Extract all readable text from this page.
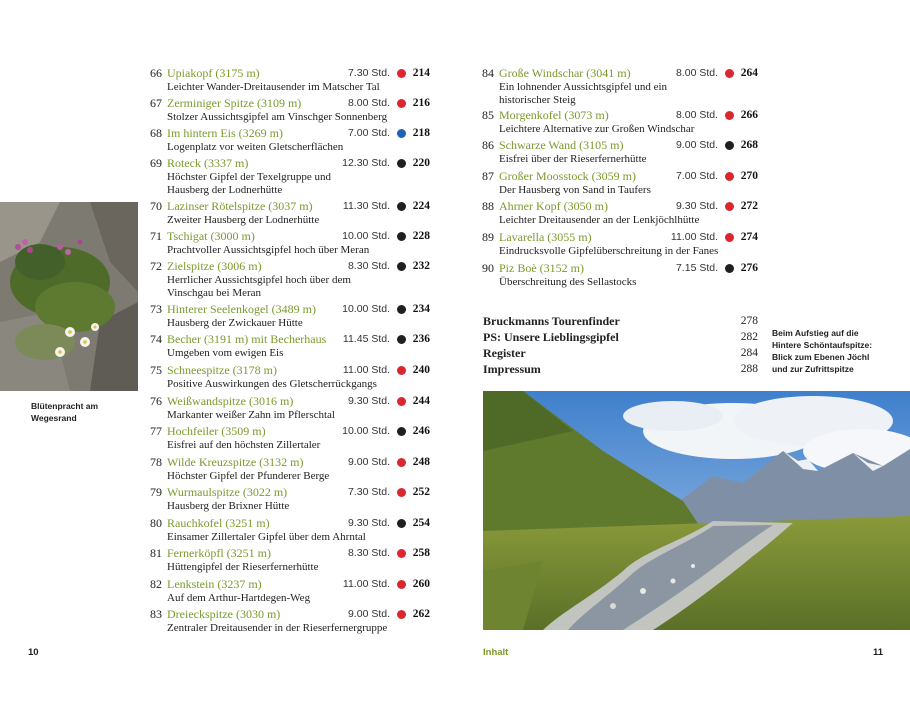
Blütenpracht am Wegesrand
66 Upiakopf (3175 m)	7.30 Std. 214
Leichter Wander-Dreitausender im Matscher Tal
67 Zerminiger Spitze (3109 m)	8.00 Std. 216
Stolzer Aussichtsgipfel am Vinschger Sonnenberg
68 Im hintern Eis (3269 m)	7.00 Std. 218
Logenplatz vor weiten Gletscherflächen
69 Roteck (3337 m)	12.30 Std. 220
Höchster Gipfel der Texelgruppe und Hausberg der Lodnerhütte
70 Lazinser Rötelspitze (3037 m)	11.30 Std. 224
Zweiter Hausberg der Lodnerhütte
71 Tschigat (3000 m)	10.00 Std. 228
Prachtvoller Aussichtsgipfel hoch über Meran
72 Zielspitze (3006 m)	8.30 Std. 232
Herrlicher Aussichtsgipfel hoch über dem Vinschgau bei Meran
73 Hinterer Seelenkogel (3489 m) 10.00 Std. 234
Hausberg der Zwickauer Hütte
74 Becher (3191 m) mit Becherhaus 11.45 Std. 236
Umgeben vom ewigen Eis
75 Schneespitze (3178 m)	11.00 Std. 240
Positive Auswirkungen des Gletscherrückgangs
76 Weißwandspitze (3016 m)	9.30 Std. 244
Markanter weißer Zahn im Pflerschtal
77 Hochfeiler (3509 m)	10.00 Std. 246
Eisfrei auf den höchsten Zillertaler
78 Wilde Kreuzspitze (3132 m)	9.00 Std. 248
Höchster Gipfel der Pfunderer Berge
79 Wurmaulspitze (3022 m)	7.30 Std. 252
Hausberg der Brixner Hütte
80 Rauchkofel (3251 m)	9.30 Std. 254
Einsamer Zillertaler Gipfel über dem Ahrntal
81 Fernerköpfl (3251 m)	8.30 Std. 258
Hüttengipfel der Rieserfernerhütte
82 Lenkstein (3237 m)	11.00 Std. 260
Auf dem Arthur-Hartdegen-Weg
83 Dreieckspitze (3030 m)	9.00 Std. 262
Zentraler Dreitausender in der Rieserfernergruppe
84 Große Windschar (3041 m)	8.00 Std. 264
Ein lohnender Aussichtsgipfel und ein historischer Steig
85 Morgenkofel (3073 m)	8.00 Std. 266
Leichtere Alternative zur Großen Windschar
86 Schwarze Wand (3105 m)	9.00 Std. 268
Eisfrei über der Rieserfernerhütte
87 Großer Moosstock (3059 m)	7.00 Std. 270
Der Hausberg von Sand in Taufers
88 Ahrner Kopf (3050 m)	9.30 Std. 272
Leichter Dreitausender an der Lenkjöchlhütte
89 Lavarella (3055 m)	11.00 Std. 274
Eindrucksvolle Gipfelüberschreitung in der Fanes
90 Piz Boè (3152 m)	7.15 Std. 276
Überschreitung des Sellastocks
Bruckmanns Tourenfinder	278
PS: Unsere Lieblingsgipfel	282
Register	284
Impressum	288
Beim Aufstieg auf die Hintere Schöntaufspitze: Blick zum Ebenen Jöchl und zur Zufrittspitze
10	Inhalt	11
